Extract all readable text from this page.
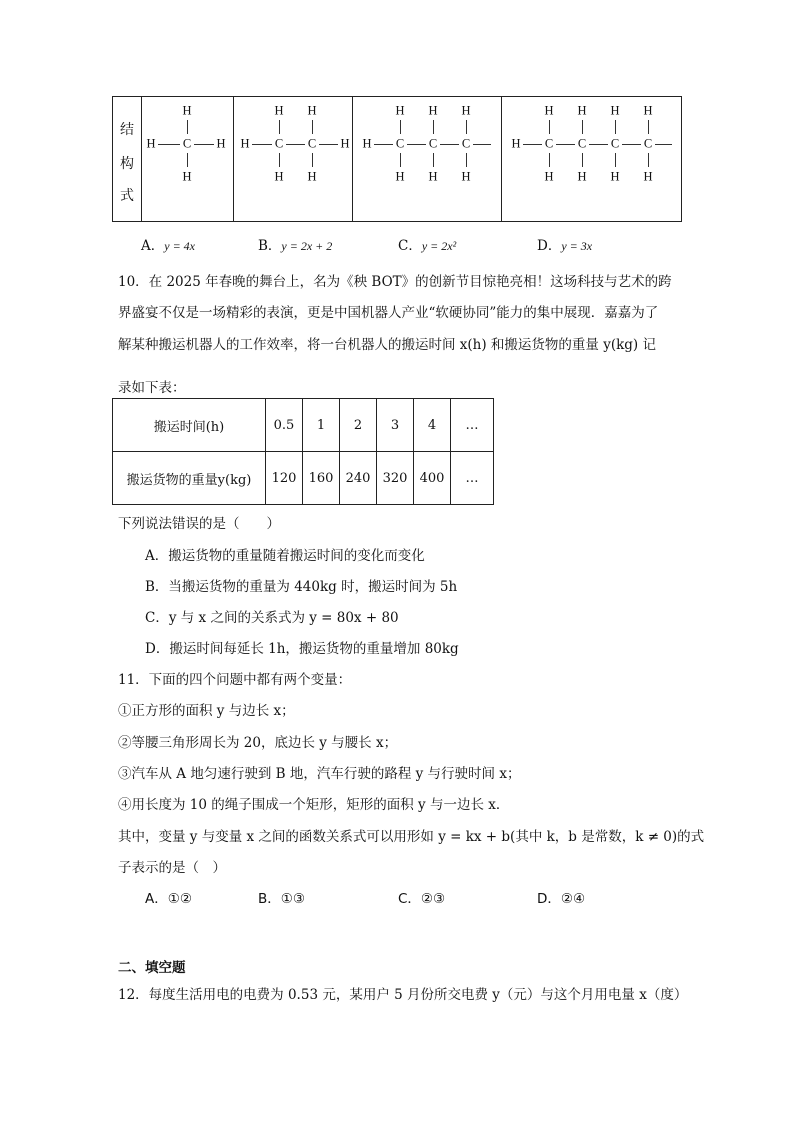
结
构
式
H C
H
H
H H C
H
H
C
H
H
H H C
H
H
C
H
H
C
H
H
H C
H
H
C
H
H
C
H
H
C
H
H
A．y = 4x	B．y = 2x + 2	C．y = 2x²	D．y = 3x
10．在 2025 年春晚的舞台上，名为《秧 BOT》的创新节目惊艳亮相！这场科技与艺术的跨
界盛宴不仅是一场精彩的表演，更是中国机器人产业“软硬协同”能力的集中展现．嘉嘉为了
解某种搬运机器人的工作效率，将一台机器人的搬运时间 x(h) 和搬运货物的重量 y(kg) 记
录如下表：
搬运时间(h)	0.5	1	2	3	4	…
搬运货物的重量y(kg)	120	160	240	320	400	…
下列说法错误的是（　　）
A．搬运货物的重量随着搬运时间的变化而变化
B．当搬运货物的重量为 440kg 时，搬运时间为 5h
C．y 与 x 之间的关系式为 y = 80x + 80
D．搬运时间每延长 1h，搬运货物的重量增加 80kg
11．下面的四个问题中都有两个变量：
①正方形的面积 y 与边长 x；
②等腰三角形周长为 20，底边长 y 与腰长 x；
③汽车从 A 地匀速行驶到 B 地，汽车行驶的路程 y 与行驶时间 x；
④用长度为 10 的绳子围成一个矩形，矩形的面积 y 与一边长 x．
其中，变量 y 与变量 x 之间的函数关系式可以用形如 y = kx + b(其中 k，b 是常数，k ≠ 0)的式
子表示的是（　）
A．①②	B．①③	C．②③	D．②④
二、填空题
12．每度生活用电的电费为 0.53 元，某用户 5 月份所交电费 y（元）与这个月用电量 x（度）
